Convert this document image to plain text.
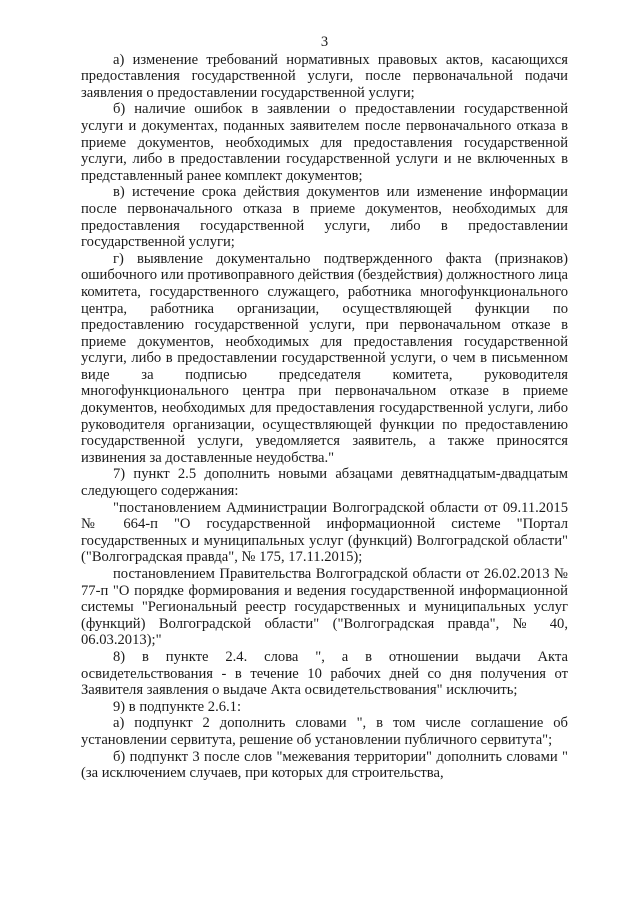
3

а) изменение требований нормативных правовых актов, касающихся предоставления государственной услуги, после первоначальной подачи заявления о предоставлении государственной услуги;

б) наличие ошибок в заявлении о предоставлении государственной услуги и документах, поданных заявителем после первоначального отказа в приеме документов, необходимых для предоставления государственной услуги, либо в предоставлении государственной услуги и не включенных в представленный ранее комплект документов;

в) истечение срока действия документов или изменение информации после первоначального отказа в приеме документов, необходимых для предоставления государственной услуги, либо в предоставлении государственной услуги;

г) выявление документально подтвержденного факта (признаков) ошибочного или противоправного действия (бездействия) должностного лица комитета, государственного служащего, работника многофункционального центра, работника организации, осуществляющей функции по предоставлению государственной услуги, при первоначальном отказе в приеме документов, необходимых для предоставления государственной услуги, либо в предоставлении государственной услуги, о чем в письменном виде за подписью председателя комитета, руководителя многофункционального центра при первоначальном отказе в приеме документов, необходимых для предоставления государственной услуги, либо руководителя организации, осуществляющей функции по предоставлению государственной услуги, уведомляется заявитель, а также приносятся извинения за доставленные неудобства."

7) пункт 2.5 дополнить новыми абзацами девятнадцатым-двадцатым следующего содержания:

"постановлением Администрации Волгоградской области от 09.11.2015 № 664-п "О государственной информационной системе "Портал государственных и муниципальных услуг (функций) Волгоградской области" ("Волгоградская правда", № 175, 17.11.2015);

постановлением Правительства Волгоградской области от 26.02.2013 № 77-п "О порядке формирования и ведения государственной информационной системы "Региональный реестр государственных и муниципальных услуг (функций) Волгоградской области" ("Волгоградская правда", № 40, 06.03.2013);"

8) в пункте 2.4. слова ", а в отношении выдачи Акта освидетельствования - в течение 10 рабочих дней со дня получения от Заявителя заявления о выдаче Акта освидетельствования" исключить;

9) в подпункте 2.6.1:

а) подпункт 2 дополнить словами ", в том числе соглашение об установлении сервитута, решение об установлении публичного сервитута";

б) подпункт 3 после слов "межевания территории" дополнить словами "(за исключением случаев, при которых для строительства,
